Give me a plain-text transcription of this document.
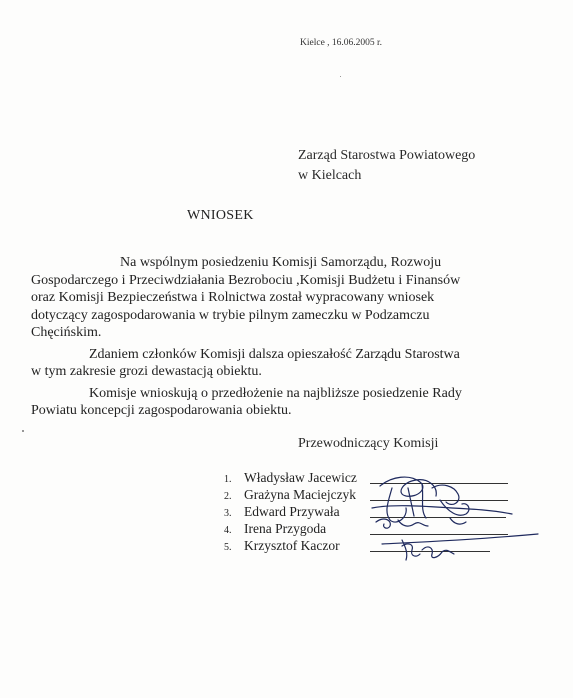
Kielce , 16.06.2005 r.
Zarząd Starostwa Powiatowego
w Kielcach
WNIOSEK
Na wspólnym posiedzeniu Komisji Samorządu, Rozwoju
Gospodarczego i Przeciwdziałania Bezrobociu ,Komisji Budżetu i Finansów
oraz Komisji Bezpieczeństwa i Rolnictwa został wypracowany wniosek
dotyczący zagospodarowania w trybie pilnym zameczku w Podzamczu
Chęcińskim.
Zdaniem członków Komisji dalsza opieszałość Zarządu Starostwa
w tym zakresie grozi dewastacją obiektu.
Komisje wnioskują o przedłożenie na najbliższe posiedzenie Rady
Powiatu koncepcji zagospodarowania obiektu.
Przewodniczący Komisji
1. Władysław Jacewicz
2. Grażyna Maciejczyk
3. Edward Przywała
4. Irena Przygoda
5. Krzysztof Kaczor
